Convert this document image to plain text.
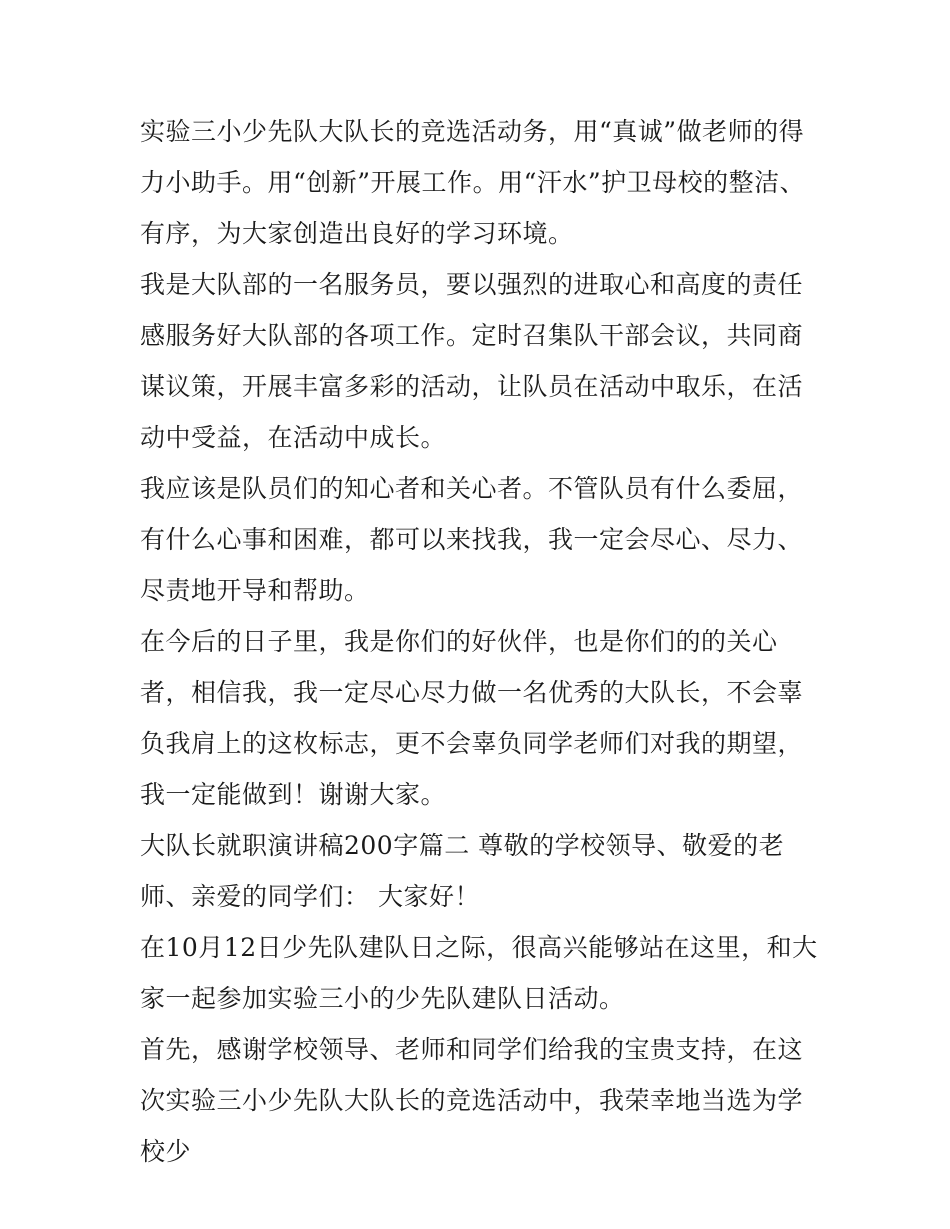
实验三小少先队大队长的竞选活动务，用“真诚”做老师的得力小助手。用“创新”开展工作。用“汗水”护卫母校的整洁、有序，为大家创造出良好的学习环境。

我是大队部的一名服务员，要以强烈的进取心和高度的责任感服务好大队部的各项工作。定时召集队干部会议，共同商谋议策，开展丰富多彩的活动，让队员在活动中取乐，在活动中受益，在活动中成长。

我应该是队员们的知心者和关心者。不管队员有什么委屈，有什么心事和困难，都可以来找我，我一定会尽心、尽力、尽责地开导和帮助。

在今后的日子里，我是你们的好伙伴，也是你们的的关心者，相信我，我一定尽心尽力做一名优秀的大队长，不会辜负我肩上的这枚标志，更不会辜负同学老师们对我的期望，我一定能做到！谢谢大家。

大队长就职演讲稿200字篇二 尊敬的学校领导、敬爱的老师、亲爱的同学们： 大家好！

在10月12日少先队建队日之际，很高兴能够站在这里，和大家一起参加实验三小的少先队建队日活动。

首先，感谢学校领导、老师和同学们给我的宝贵支持，在这次实验三小少先队大队长的竞选活动中，我荣幸地当选为学校少
